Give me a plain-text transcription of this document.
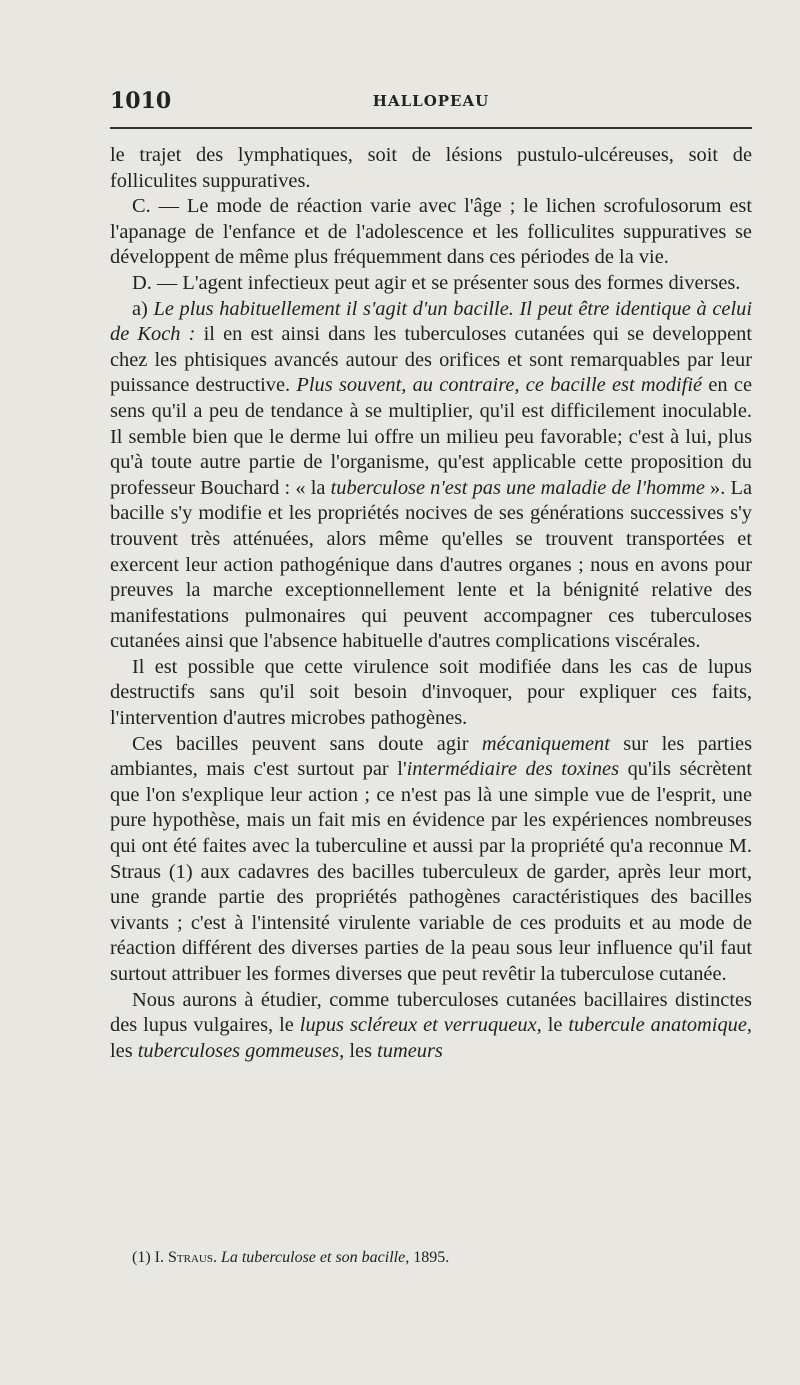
1010	HALLOPEAU

le trajet des lymphatiques, soit de lésions pustulo-ulcéreuses, soit de folliculites suppuratives.

C. — Le mode de réaction varie avec l'âge ; le lichen scrofulosorum est l'apanage de l'enfance et de l'adolescence et les folliculites suppuratives se développent de même plus fréquemment dans ces périodes de la vie.

D. — L'agent infectieux peut agir et se présenter sous des formes diverses.

a) Le plus habituellement il s'agit d'un bacille. Il peut être identique à celui de Koch : il en est ainsi dans les tuberculoses cutanées qui se developpent chez les phtisiques avancés autour des orifices et sont remarquables par leur puissance destructive. Plus souvent, au contraire, ce bacille est modifié en ce sens qu'il a peu de tendance à se multiplier, qu'il est difficilement inoculable. Il semble bien que le derme lui offre un milieu peu favorable; c'est à lui, plus qu'à toute autre partie de l'organisme, qu'est applicable cette proposition du professeur Bouchard : « la tuberculose n'est pas une maladie de l'homme ». La bacille s'y modifie et les propriétés nocives de ses générations successives s'y trouvent très atténuées, alors même qu'elles se trouvent transportées et exercent leur action pathogénique dans d'autres organes ; nous en avons pour preuves la marche exceptionnellement lente et la bénignité relative des manifestations pulmonaires qui peuvent accompagner ces tuberculoses cutanées ainsi que l'absence habituelle d'autres complications viscérales.

Il est possible que cette virulence soit modifiée dans les cas de lupus destructifs sans qu'il soit besoin d'invoquer, pour expliquer ces faits, l'intervention d'autres microbes pathogènes.

Ces bacilles peuvent sans doute agir mécaniquement sur les parties ambiantes, mais c'est surtout par l'intermédiaire des toxines qu'ils sécrètent que l'on s'explique leur action ; ce n'est pas là une simple vue de l'esprit, une pure hypothèse, mais un fait mis en évidence par les expériences nombreuses qui ont été faites avec la tuberculine et aussi par la propriété qu'a reconnue M. Straus (1) aux cadavres des bacilles tuberculeux de garder, après leur mort, une grande partie des propriétés pathogènes caractéristiques des bacilles vivants ; c'est à l'intensité virulente variable de ces produits et au mode de réaction différent des diverses parties de la peau sous leur influence qu'il faut surtout attribuer les formes diverses que peut revêtir la tuberculose cutanée.

Nous aurons à étudier, comme tuberculoses cutanées bacillaires distinctes des lupus vulgaires, le lupus scléreux et verruqueux, le tubercule anatomique, les tuberculoses gommeuses, les tumeurs

(1) I. Straus. La tuberculose et son bacille, 1895.
